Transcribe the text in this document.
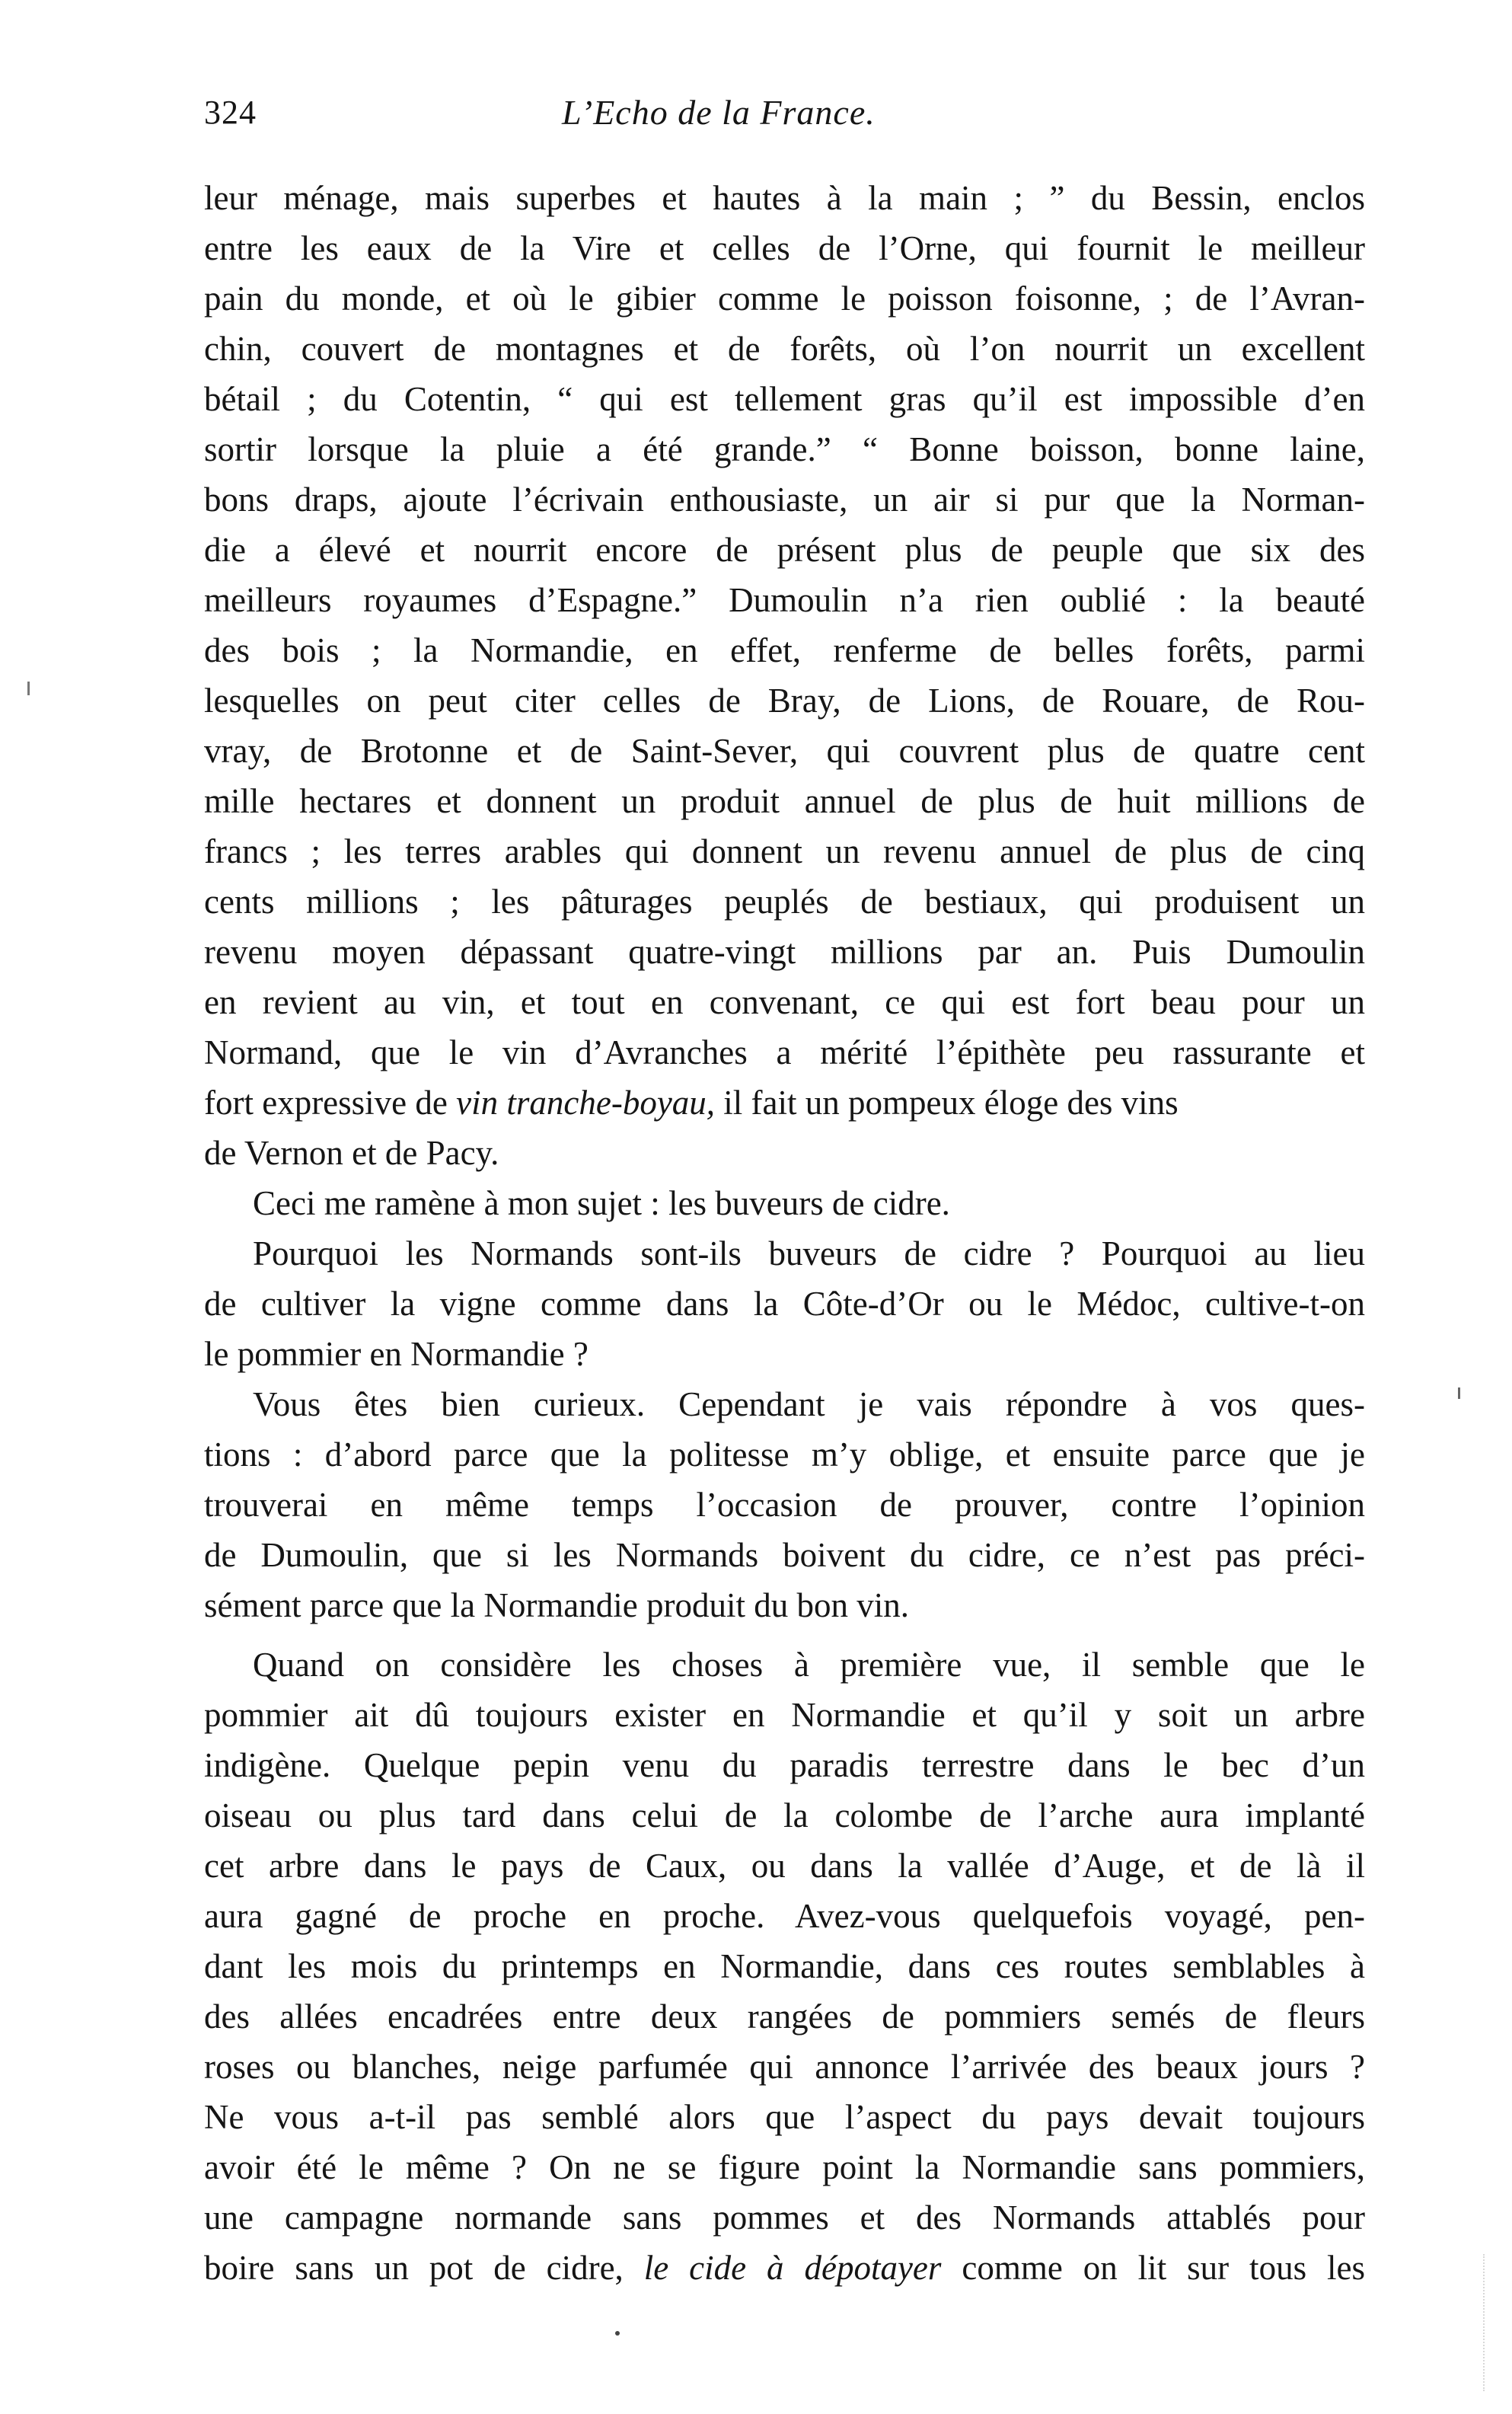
324	L’Echo de la France.
leur ménage, mais superbes et hautes à la main ; ” du Bessin, enclos
entre les eaux de la Vire et celles de l’Orne, qui fournit le meilleur
pain du monde, et où le gibier comme le poisson foisonne, ; de l’Avran-
chin, couvert de montagnes et de forêts, où l’on nourrit un excellent
bétail ; du Cotentin, “ qui est tellement gras qu’il est impossible d’en
sortir lorsque la pluie a été grande.” “ Bonne boisson, bonne laine,
bons draps, ajoute l’écrivain enthousiaste, un air si pur que la Norman-
die a élevé et nourrit encore de présent plus de peuple que six des
meilleurs royaumes d’Espagne.” Dumoulin n’a rien oublié : la beauté
des bois ; la Normandie, en effet, renferme de belles forêts, parmi
lesquelles on peut citer celles de Bray, de Lions, de Rouare, de Rou-
vray, de Brotonne et de Saint-Sever, qui couvrent plus de quatre cent
mille hectares et donnent un produit annuel de plus de huit millions de
francs ; les terres arables qui donnent un revenu annuel de plus de cinq
cents millions ; les pâturages peuplés de bestiaux, qui produisent un
revenu moyen dépassant quatre-vingt millions par an. Puis Dumoulin
en revient au vin, et tout en convenant, ce qui est fort beau pour un
Normand, que le vin d’Avranches a mérité l’épithète peu rassurante et
fort expressive de vin tranche-boyau, il fait un pompeux éloge des vins
de Vernon et de Pacy.
Ceci me ramène à mon sujet : les buveurs de cidre.
Pourquoi les Normands sont-ils buveurs de cidre ? Pourquoi au lieu
de cultiver la vigne comme dans la Côte-d’Or ou le Médoc, cultive-t-on
le pommier en Normandie ?
Vous êtes bien curieux. Cependant je vais répondre à vos ques-
tions : d’abord parce que la politesse m’y oblige, et ensuite parce que je
trouverai en même temps l’occasion de prouver, contre l’opinion
de Dumoulin, que si les Normands boivent du cidre, ce n’est pas préci-
sément parce que la Normandie produit du bon vin.
Quand on considère les choses à première vue, il semble que le
pommier ait dû toujours exister en Normandie et qu’il y soit un arbre
indigène. Quelque pepin venu du paradis terrestre dans le bec d’un
oiseau ou plus tard dans celui de la colombe de l’arche aura implanté
cet arbre dans le pays de Caux, ou dans la vallée d’Auge, et de là il
aura gagné de proche en proche. Avez-vous quelquefois voyagé, pen-
dant les mois du printemps en Normandie, dans ces routes semblables à
des allées encadrées entre deux rangées de pommiers semés de fleurs
roses ou blanches, neige parfumée qui annonce l’arrivée des beaux jours ?
Ne vous a-t-il pas semblé alors que l’aspect du pays devait toujours
avoir été le même ? On ne se figure point la Normandie sans pommiers,
une campagne normande sans pommes et des Normands attablés pour
boire sans un pot de cidre, le cide à dépotayer comme on lit sur tous les
